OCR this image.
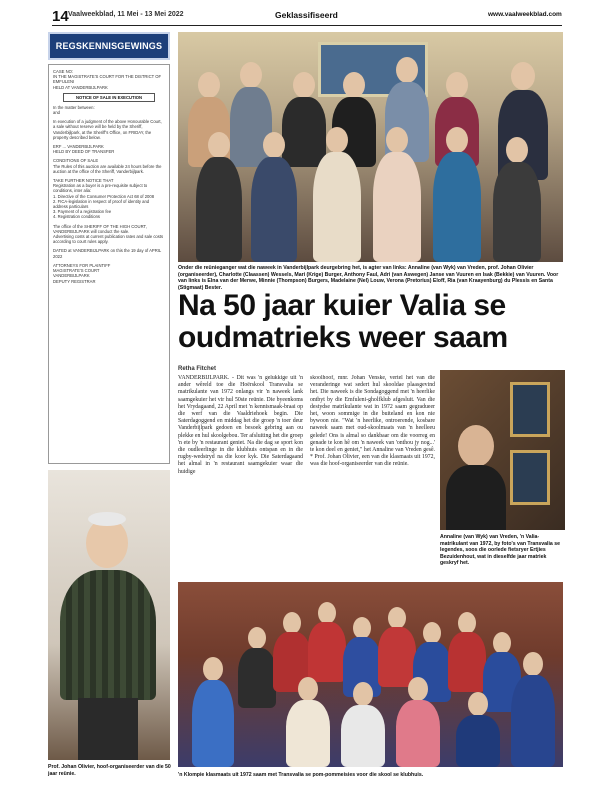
14 Vaalweekblad, 11 Mei - 13 Mei 2022	Geklassifiseerd	www.vaalweekblad.com
REGSKENNISGEWINGS
CASE NO:
IN THE MAGISTRATE'S COURT FOR THE DISTRICT OF EMFULENI
HELD AT VANDERBIJLPARK
NOTICE OF SALE IN EXECUTION
In the matter between:
and
In execution of a judgment of the above Honourable Court, a sale without reserve will be held by the Sheriff, Vanderbijlpark, at the Sheriff's Office, on FRIDAY, the property described below.
ERF ... VANDERBIJLPARK
HELD BY DEED OF TRANSFER
CONDITIONS OF SALE
The Rules of this auction are available 24 hours before the auction at the office of the Sheriff, Vanderbijlpark.
TAKE FURTHER NOTICE THAT
Registration as a buyer is a pre-requisite subject to conditions, inter alia:
1. Directive of the Consumer Protection Act 68 of 2008
2. FICA-legislation in respect of proof of identity and address particulars
3. Payment of a registration fee
4. Registration conditions
The office of the SHERIFF OF THE HIGH COURT, VANDERBIJLPARK will conduct the sale.
Advertising costs at current publication rates and sale costs according to court rules apply.
DATED at VANDERBIJLPARK on this the 19 day of APRIL 2022
ATTORNEYS FOR PLAINTIFF
MAGISTRATE'S COURT
VANDERBIJLPARK
DEPUTY REGISTRAR
Onder die reünieganger wat die naweek in Vanderbijlpark deurgebring het, is agter van links: Annaline (van Wyk) van Vreden, prof. Johan Olivier (organiseerder), Charlotte (Claassen) Wessels, Mari (Krige) Burger, Anthony Faul, Adri (van Aswegen) Janse van Vuuren en Isak (Bekkie) van Vuuren. Voor van links is Elna van der Merwe, Minnie (Thompson) Burgers, Madelaine (Nel) Louw, Verona (Pretorius) Eloff, Ria (van Kraayenburg) du Plessis en Santa (Stigmaat) Bester.
Na 50 jaar kuier Valia se oudmatrieks weer saam
Retha Fitchet
VANDERBIJLPARK. - Dit was 'n gelukkige uit 'n ander wêreld toe die Hoërskool Transvalia se matrikulante van 1972 onlangs vir 'n naweek lank saamgekuier het vir hul 50ste reünie. Die byeenkoms het Vrydagaand, 22 April met 'n kennismaak-braai op die werf van die Vaaldriehoek begin. Die Saterdagoggend en middag het die groep 'n toer deur Vanderbijlpark gedoen en besoek gebring aan ou plekke en hul skoolgebou. Ter afsluiting het die groep 'n ete by 'n restaurant geniet. Na die dag se sport kon die oudleerlinge in die klubhuis ontspan en in die rugby-wedstryd na die koor kyk. Die Saterdagaand het almal in 'n restaurant saamgekuier waar die huidige
skoolhoof, mnr. Johan Venske, vertel het van die veranderinge wat sedert hul skooldae plaasgevind het. Die naweek is die Sondagoggend met 'n heerlike ontbyt by die Emfuleni-gholfklub afgesluit. Van die destydse matrikulante wat in 1972 saam gegradueer het, woon sommige in die buiteland en kon nie bywoon nie. "Wat 'n heerlike, ontroerende, kosbare naweek saam met oud-skoolmaats van 'n heelleeu gelede! Ons is almal so dankbaar om die voorreg en genade te kon hê om 'n naweek van 'onthou jy nog...' te kon deel en geniet," het Annaline van Vreden gesê. * Prof. Johan Olivier, een van die klasmaats uit 1972, was die hoof-organiseerder van die reünie.
Annaline (van Wyk) van Vreden, 'n Valia-matrikulant van 1972, by foto's van Transvalia se legendes, soos die oorlede fietsryer Ertjies Bezuidenhout, wat in dieselfde jaar matriek geskryf het.
Prof. Johan Olivier, hoof-organiseerder van die 50 jaar reünie.	'n Klompie klasmaats uit 1972 saam met Transvalia se pom-pommeisies voor die skool se klubhuis.
